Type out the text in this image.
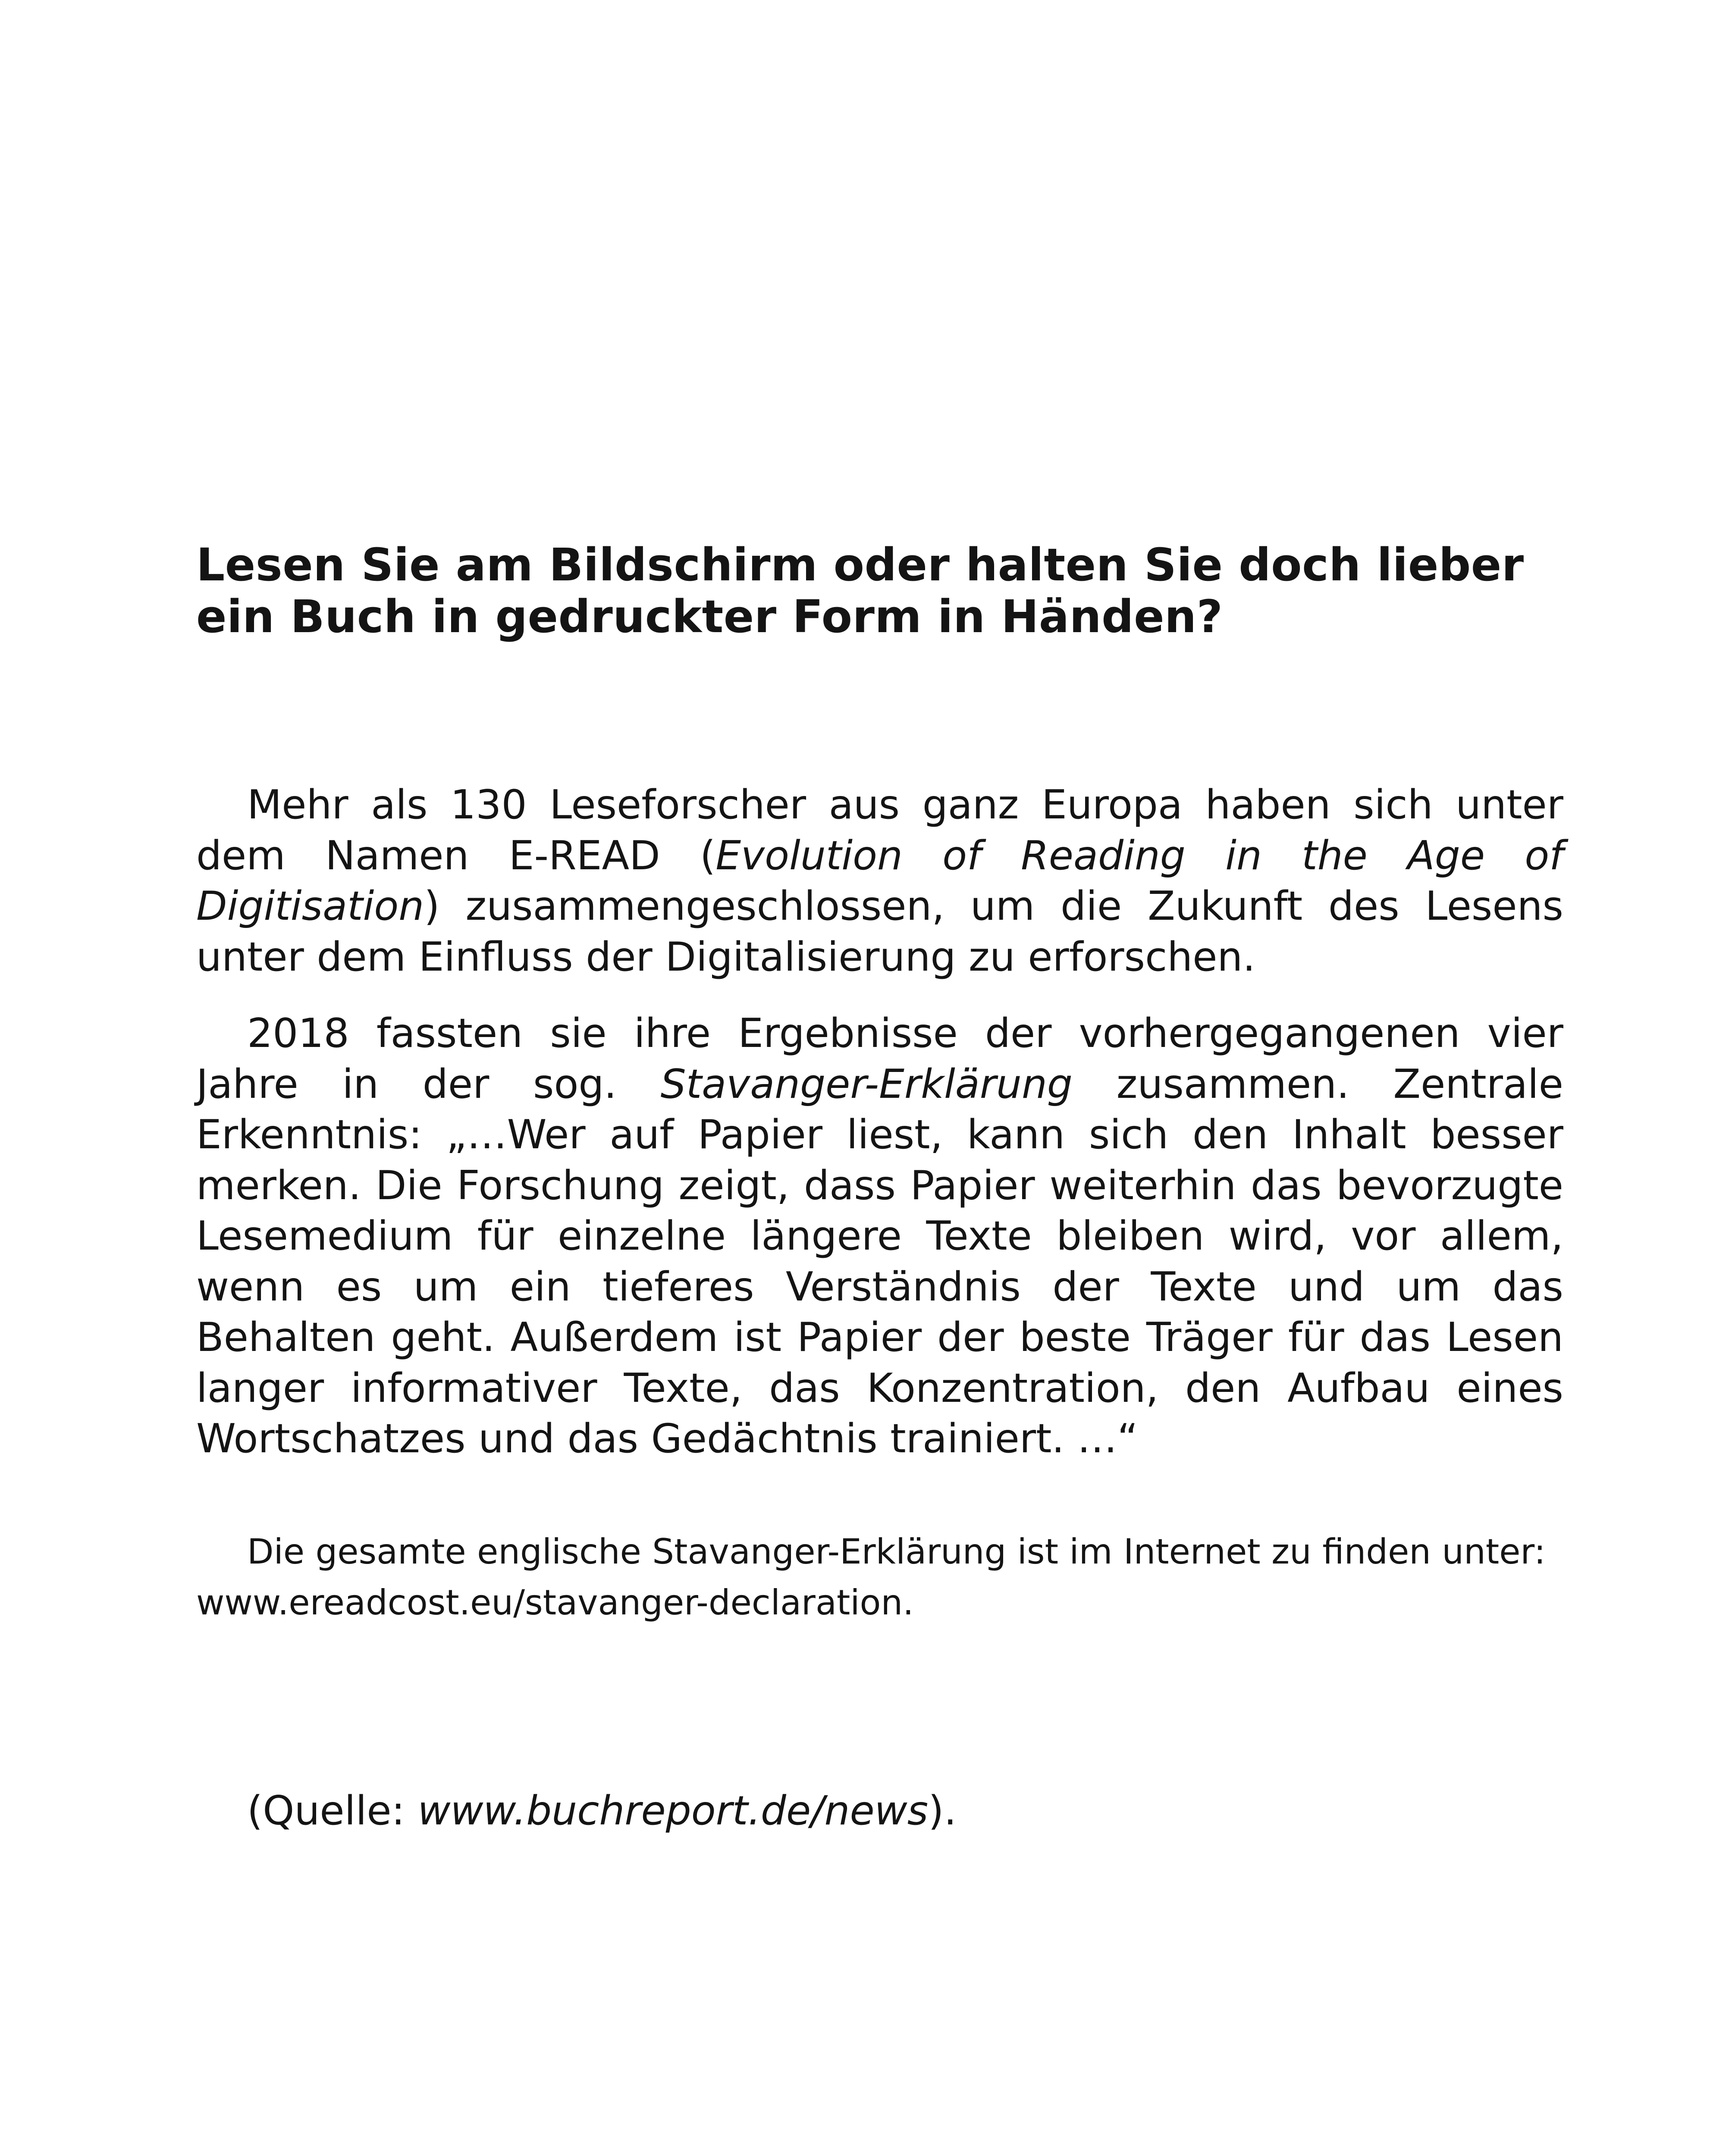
Lesen Sie am Bildschirm oder halten Sie doch lieber
ein Buch in gedruckter Form in Händen?

Mehr als 130 Leseforscher aus ganz Europa haben sich unter dem Namen E-READ (Evolution of Reading in the Age of Digitisation) zusammengeschlossen, um die Zukunft des Lesens unter dem Einfluss der Digitalisierung zu erforschen.

2018 fassten sie ihre Ergebnisse der vorhergegangenen vier Jahre in der sog. Stavanger-Erklärung zusammen. Zentrale Erkenntnis: „…Wer auf Papier liest, kann sich den Inhalt besser merken. Die Forschung zeigt, dass Papier weiterhin das bevorzugte Lesemedium für einzelne längere Texte bleiben wird, vor allem, wenn es um ein tieferes Verständnis der Texte und um das Behalten geht. Außerdem ist Papier der beste Träger für das Lesen langer informativer Texte, das Konzentration, den Aufbau eines Wortschatzes und das Gedächtnis trainiert. …“

Die gesamte englische Stavanger-Erklärung ist im Internet zu finden unter: www.ereadcost.eu/stavanger-declaration.

(Quelle: www.buchreport.de/news).
